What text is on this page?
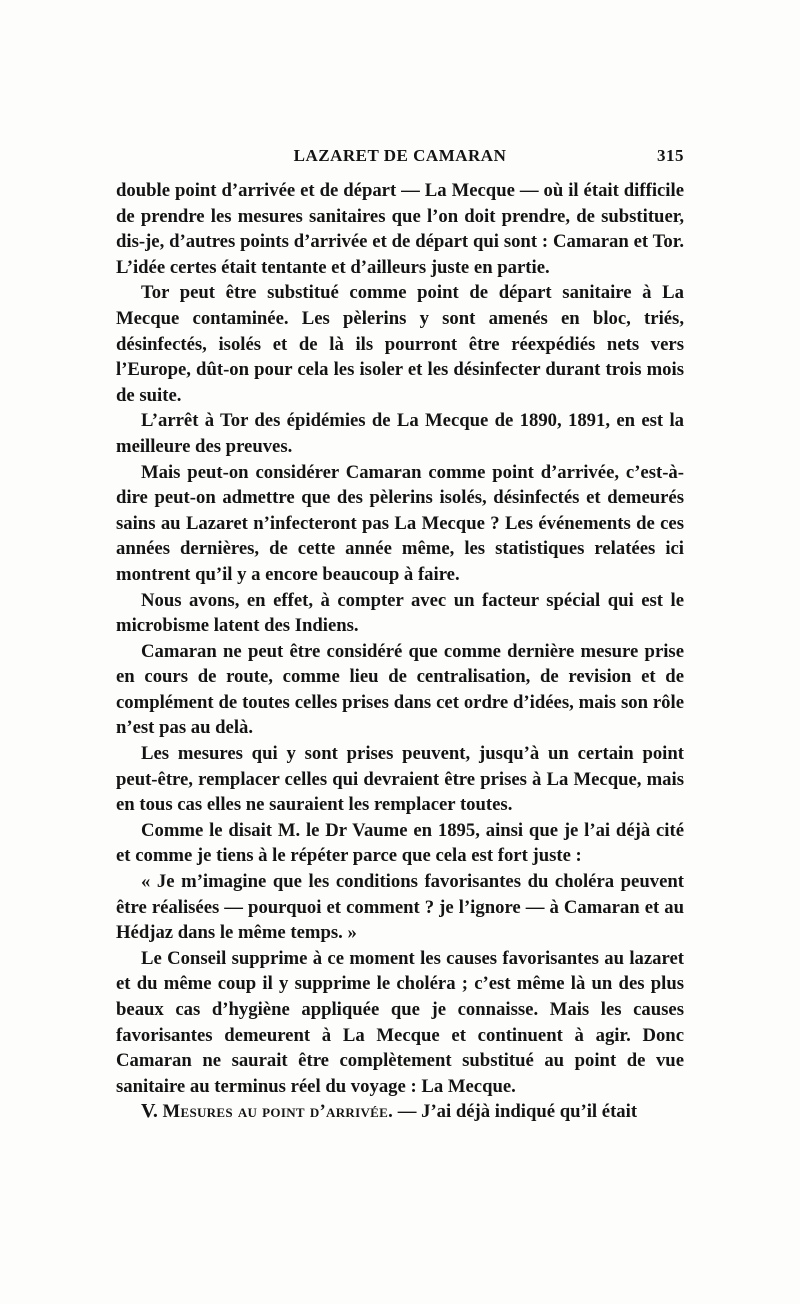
LAZARET DE CAMARAN	315

double point d’arrivée et de départ — La Mecque — où il était difficile de prendre les mesures sanitaires que l’on doit prendre, de substituer, dis-je, d’autres points d’arrivée et de départ qui sont : Camaran et Tor. L’idée certes était tentante et d’ailleurs juste en partie.

Tor peut être substitué comme point de départ sanitaire à La Mecque contaminée. Les pèlerins y sont amenés en bloc, triés, désinfectés, isolés et de là ils pourront être réexpédiés nets vers l’Europe, dût-on pour cela les isoler et les désinfecter durant trois mois de suite.

L’arrêt à Tor des épidémies de La Mecque de 1890, 1891, en est la meilleure des preuves.

Mais peut-on considérer Camaran comme point d’arrivée, c’est-à-dire peut-on admettre que des pèlerins isolés, désinfectés et demeurés sains au Lazaret n’infecteront pas La Mecque ? Les événements de ces années dernières, de cette année même, les statistiques relatées ici montrent qu’il y a encore beaucoup à faire.

Nous avons, en effet, à compter avec un facteur spécial qui est le microbisme latent des Indiens.

Camaran ne peut être considéré que comme dernière mesure prise en cours de route, comme lieu de centralisation, de revision et de complément de toutes celles prises dans cet ordre d’idées, mais son rôle n’est pas au delà.

Les mesures qui y sont prises peuvent, jusqu’à un certain point peut-être, remplacer celles qui devraient être prises à La Mecque, mais en tous cas elles ne sauraient les remplacer toutes.

Comme le disait M. le Dr Vaume en 1895, ainsi que je l’ai déjà cité et comme je tiens à le répéter parce que cela est fort juste :

« Je m’imagine que les conditions favorisantes du choléra peuvent être réalisées — pourquoi et comment ? je l’ignore — à Camaran et au Hédjaz dans le même temps. »

Le Conseil supprime à ce moment les causes favorisantes au lazaret et du même coup il y supprime le choléra ; c’est même là un des plus beaux cas d’hygiène appliquée que je connaisse. Mais les causes favorisantes demeurent à La Mecque et continuent à agir. Donc Camaran ne saurait être complètement substitué au point de vue sanitaire au terminus réel du voyage : La Mecque.

V. Mesures au point d’arrivée. — J’ai déjà indiqué qu’il était
